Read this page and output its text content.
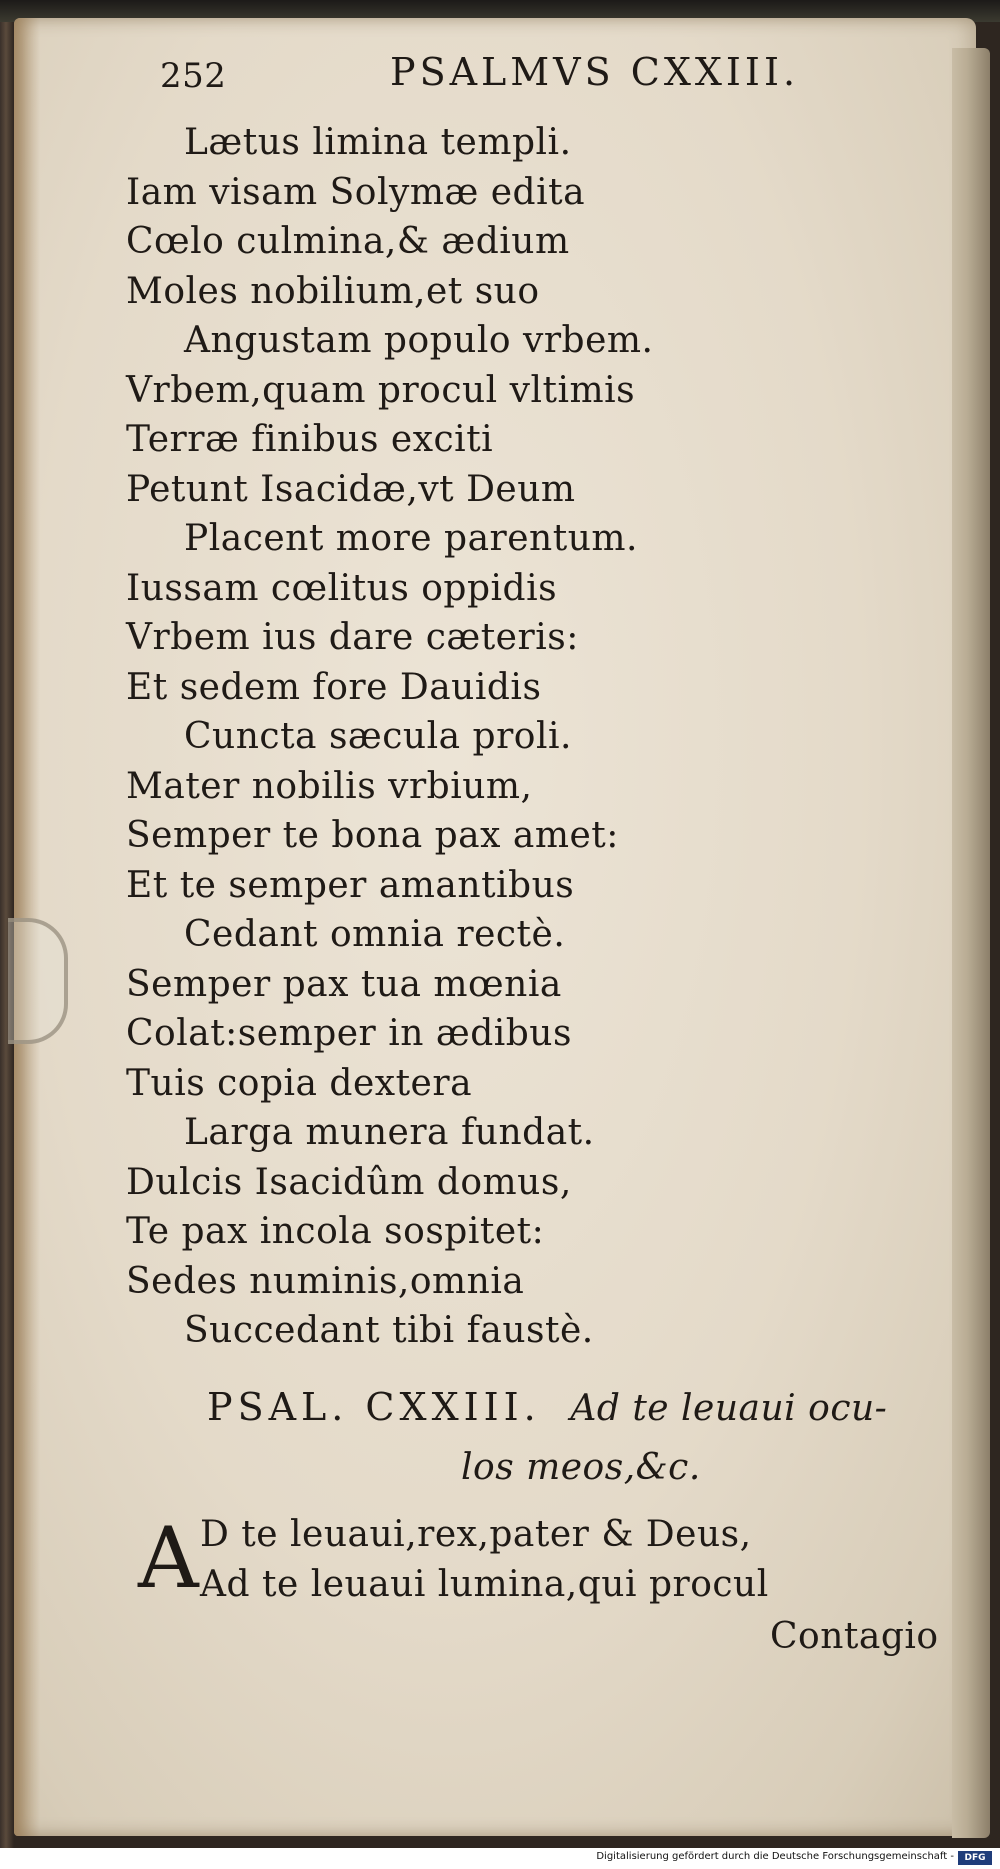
252	PSALMVS CXXIII.
Lætus limina templi.
Iam visam Solymæ edita
Cœlo culmina,& ædium
Moles nobilium,et suo
Angustam populo vrbem.
Vrbem,quam procul vltimis
Terræ finibus exciti
Petunt Isacidæ,vt Deum
Placent more parentum.
Iussam cœlitus oppidis
Vrbem ius dare cæteris:
Et sedem fore Dauidis
Cuncta sæcula proli.
Mater nobilis vrbium,
Semper te bona pax amet:
Et te semper amantibus
Cedant omnia rectè.
Semper pax tua mœnia
Colat:semper in ædibus
Tuis copia dextera
Larga munera fundat.
Dulcis Isacidûm domus,
Te pax incola sospitet:
Sedes numinis,omnia
Succedant tibi faustè.
PSAL. CXXIII. Ad te leuaui ocu-
los meos,&c.
A D te leuaui,rex,pater & Deus,
Ad te leuaui lumina,qui procul
Contagio
Digitalisierung gefördert durch die Deutsche Forschungsgemeinschaft -	DFG
